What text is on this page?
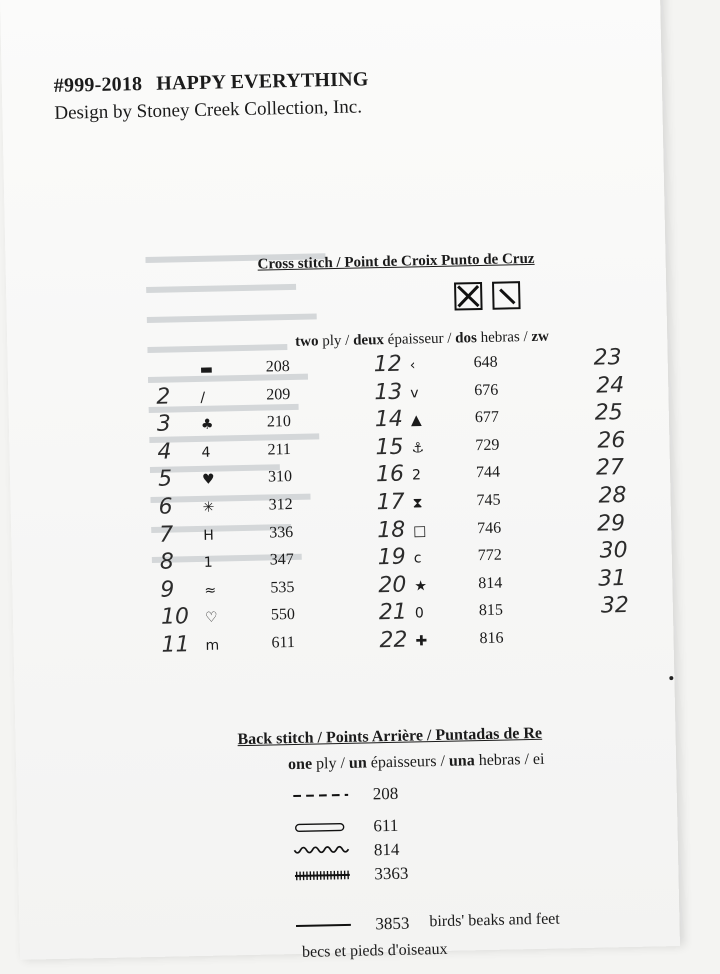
#999-2018 HAPPY EVERYTHING
Design by Stoney Creek Collection, Inc.
Cross stitch / Point de Croix Punto de Cruz

two ply / deux épaisseur / dos hebras / zw
▬	208
2 /	209
3 ♣	210
4 4	211
5 ♥	310
6 ✳	312
7 H	336
8 1	347
9 ≈	535
10 ♡	550
11 m	611
12 ‹	648
13 v	676
14 ▲	677
15 ⚓	729
16 2	744
17 ⧗	745
18 □	746
19 c	772
20 ★	814
21 0	815
22 ✚	816
23
24
25
26
27
28
29
30
31
32
Back stitch / Points Arrière / Puntadas de Re
one ply / un épaisseurs / una hebras / ei
208
611
814
3363
3853 birds' beaks and feet
becs et pieds d'oiseaux
